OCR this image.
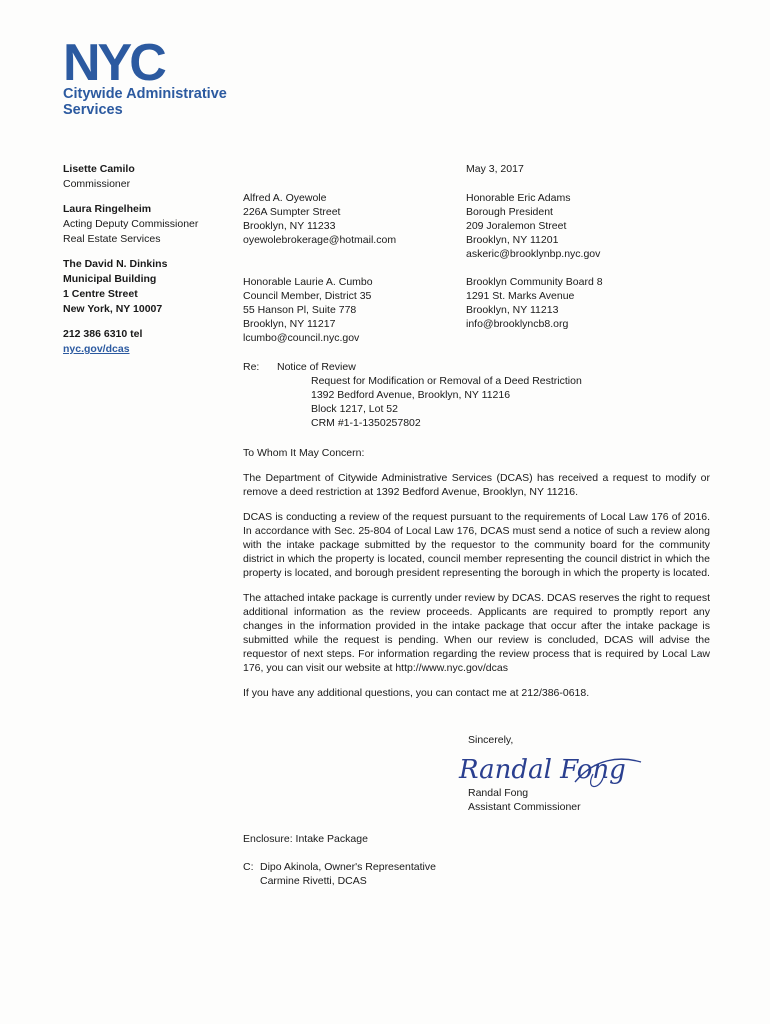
NYC
Citywide Administrative
Services
Lisette Camilo
Commissioner
Laura Ringelheim
Acting Deputy Commissioner
Real Estate Services
The David N. Dinkins
Municipal Building
1 Centre Street
New York, NY 10007
212 386 6310 tel
nyc.gov/dcas
May 3, 2017
Alfred A. Oyewole
226A Sumpter Street
Brooklyn, NY 11233
oyewolebrokerage@hotmail.com
Honorable Eric Adams
Borough President
209 Joralemon Street
Brooklyn, NY 11201
askeric@brooklynbp.nyc.gov
Honorable Laurie A. Cumbo
Council Member, District 35
55 Hanson Pl, Suite 778
Brooklyn, NY 11217
lcumbo@council.nyc.gov
Brooklyn Community Board 8
1291 St. Marks Avenue
Brooklyn, NY 11213
info@brooklyncb8.org
Re: Notice of Review
Request for Modification or Removal of a Deed Restriction
1392 Bedford Avenue, Brooklyn, NY 11216
Block 1217, Lot 52
CRM #1-1-1350257802

To Whom It May Concern:

The Department of Citywide Administrative Services (DCAS) has received a request to modify or remove a deed restriction at 1392 Bedford Avenue, Brooklyn, NY 11216.

DCAS is conducting a review of the request pursuant to the requirements of Local Law 176 of 2016. In accordance with Sec. 25-804 of Local Law 176, DCAS must send a notice of such a review along with the intake package submitted by the requestor to the community board for the community district in which the property is located, council member representing the council district in which the property is located, and borough president representing the borough in which the property is located.

The attached intake package is currently under review by DCAS. DCAS reserves the right to request additional information as the review proceeds. Applicants are required to promptly report any changes in the information provided in the intake package that occur after the intake package is submitted while the request is pending. When our review is concluded, DCAS will advise the requestor of next steps. For information regarding the review process that is required by Local Law 176, you can visit our website at http://www.nyc.gov/dcas

If you have any additional questions, you can contact me at 212/386-0618.

Sincerely,
Randal Fong
Randal Fong
Assistant Commissioner
Enclosure: Intake Package
C: Dipo Akinola, Owner's Representative
Carmine Rivetti, DCAS
